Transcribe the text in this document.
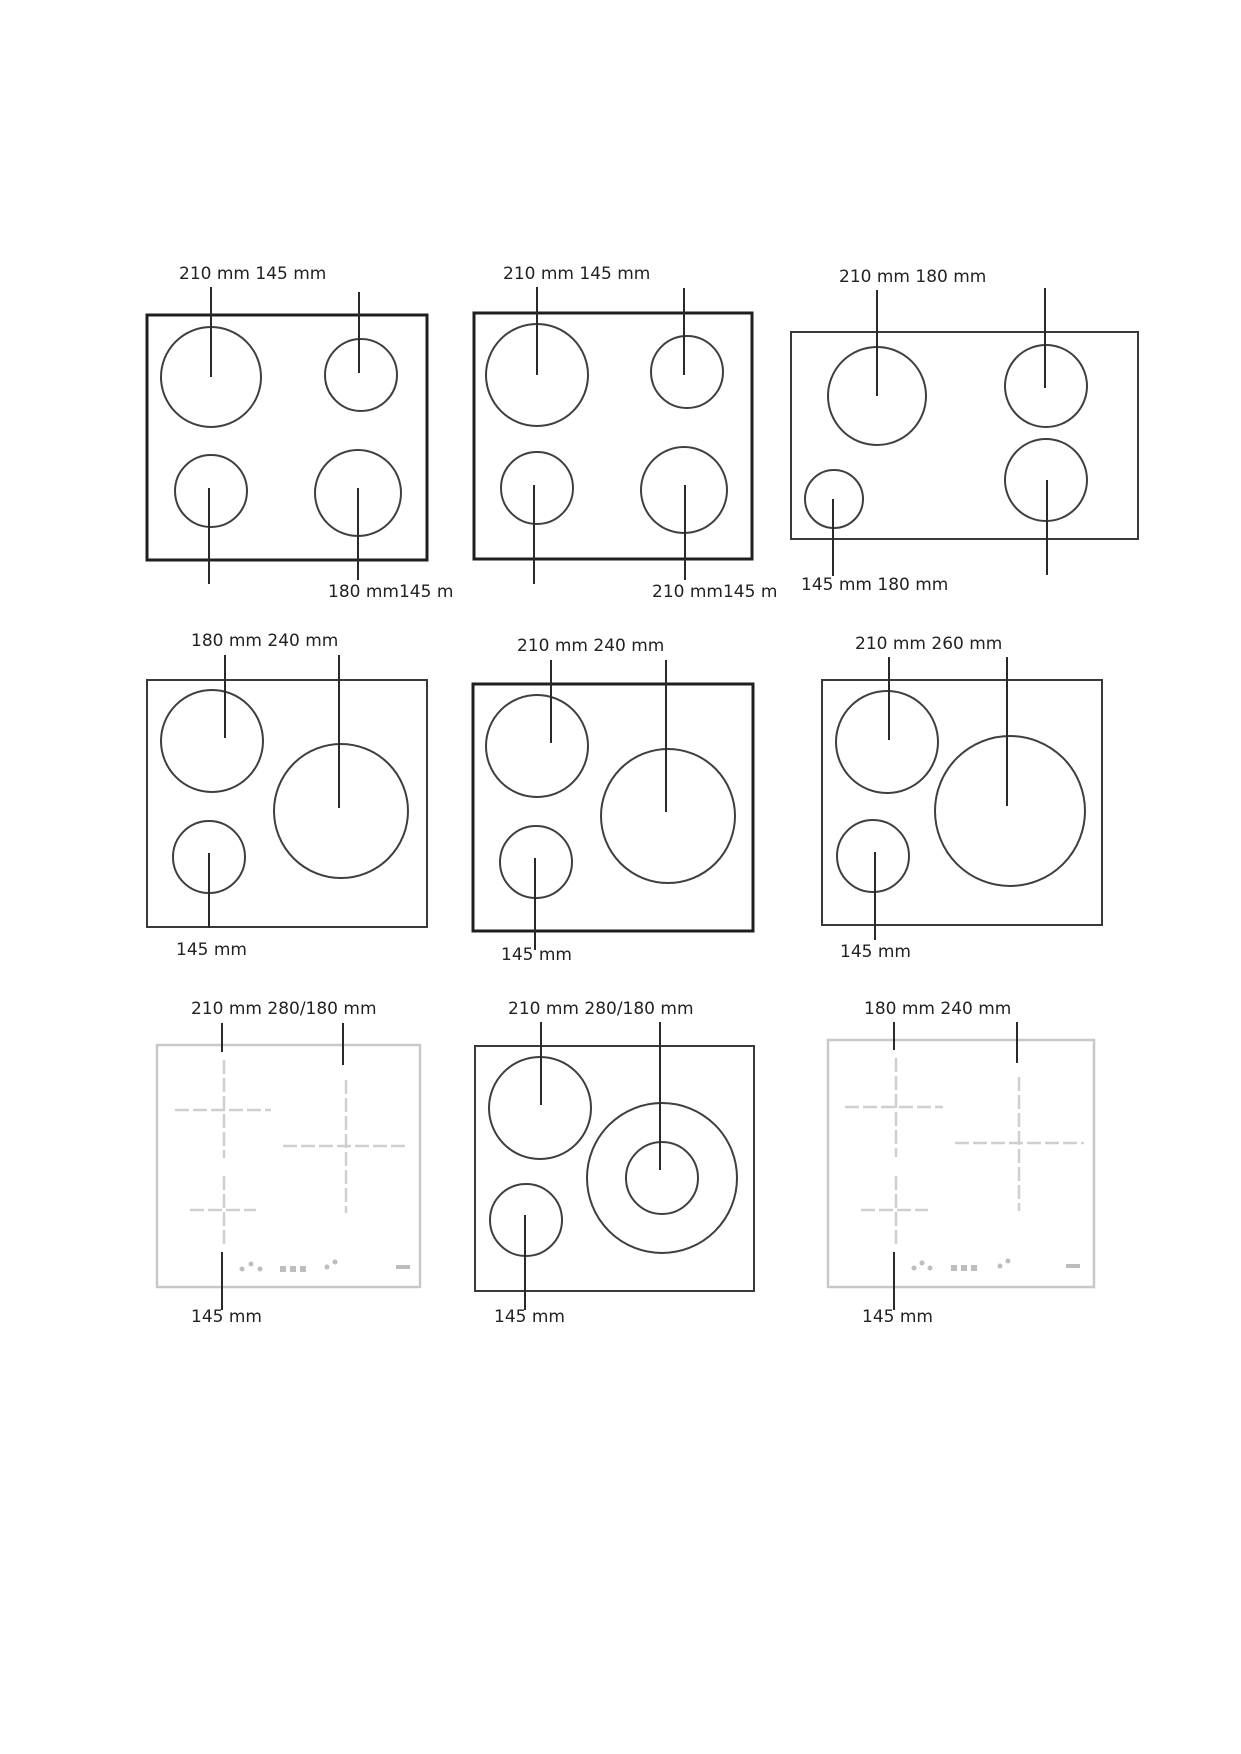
210 mm 145 mm
180 mm145 m
210 mm 145 mm
210 mm145 m
210 mm 180 mm
145 mm 180 mm
180 mm 240 mm
145 mm
210 mm 240 mm
145 mm
210 mm 260 mm
145 mm
210 mm 280/180 mm
145 mm
210 mm 280/180 mm
145 mm
180 mm 240 mm
145 mm
